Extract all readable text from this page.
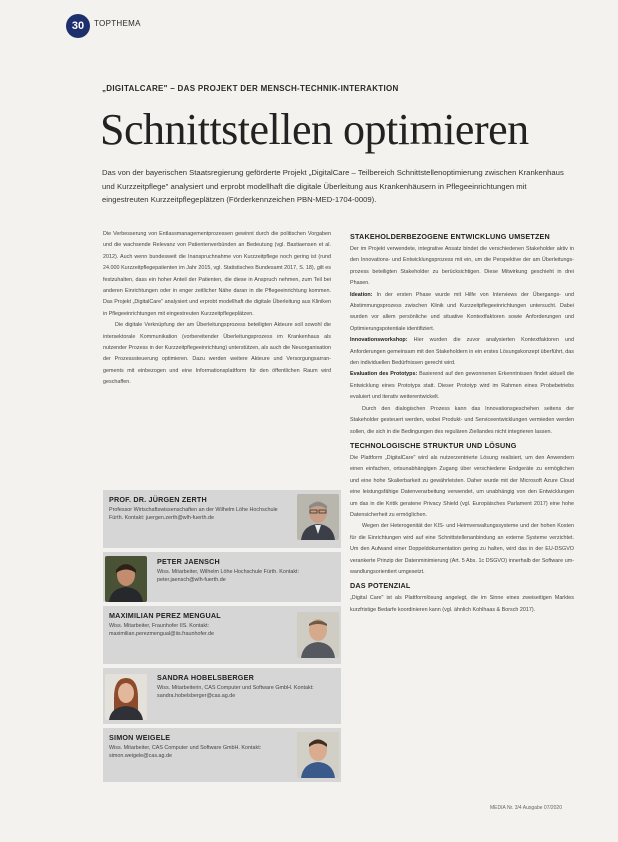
30	TOPTHEMA
„DIGITALCARE" – DAS PROJEKT DER MENSCH-TECHNIK-INTERAKTION
Schnittstellen optimieren

Das von der bayerischen Staatsregierung geförderte Projekt „DigitalCare – Teilbereich Schnittstellenoptimierung zwischen Krankenhaus und Kurzzeitpflege" analysiert und erprobt modellhaft die digitale Überleitung aus Krankenhäusern in Pflegeeinrichtungen mit eingestreuten Kurzzeitpflegeplätzen (Förderkennzeichen PBN-MED-1704-0009).

Die Verbesserung von Entlassmanagementprozessen gewinnt durch die politischen Vorgaben und die wachsende Relevanz von Patientenverbünden an Bedeutung (vgl. Bastiaensen et al. 2012). Auch wenn bundesweit die Inanspruchnahme von Kurzzeitpflege noch gering ist (rund 24.000 Kurzzeitpflegepatienten im Jahr 2015, vgl. Statistisches Bundesamt 2017, S. 18), gilt es festzuhalten, dass ein hoher Anteil der Patienten, die diese in Anspruch nehmen, zum Teil bei anderen Einrichtungen oder in enger zeitlicher Nähe daran in die Pflegeeinrichtung kommen. Das Projekt „DigitalCare" analysiert und erprobt modellhaft die digitale Überleitung aus Kliniken in Pflegeeinrichtungen mit eingestreuten Kurzzeitpflegeplätzen.

Die digitale Verknüpfung der am Überleitungsprozess beteiligten Akteure soll sowohl die intersektorale Kommunikation (vorbereitender Überleitungsprozess im Krankenhaus als nutzender Prozess in der Kurzzeitpflegeeinrichtung) unterstützen, als auch die Neuorganisation der Prozesssteuerung optimieren. Dazu werden weitere Akteure und Versorgungsarrangements mit einbezogen und eine Informationsplattform für den öffentlichen Raum wird geschaffen.

STAKEHOLDERBEZOGENE ENTWICKLUNG UMSETZEN

Der im Projekt verwendete, integrative Ansatz bindet die verschiedenen Stakeholder aktiv in den Innovations- und Entwicklungsprozess mit ein, um die Perspektive der am Überleitungsprozess beteiligten Stakeholder zu berücksichtigen. Diese Mitwirkung geschieht in drei Phasen.

Ideation: In der ersten Phase wurde mit Hilfe von Interviews der Übergangs- und Abstimmungsprozess zwischen Klinik und Kurzzeitpflegeeinrichtungen untersucht. Dabei wurden vor allem persönliche und situative Kontextfaktoren sowie Anforderungen und Optimierungspotentiale identifiziert.

Innovationsworkshop: Hier wurden die zuvor analysierten Kontextfaktoren und Anforderungen gemeinsam mit den Stakeholdern in ein erstes Lösungskonzept überführt, das den individuellen Bedürfnissen gerecht wird.

Evaluation des Prototyps: Basierend auf den gewonnenen Erkenntnissen findet aktuell die Entwicklung eines Prototyps statt. Dieser Prototyp wird im Rahmen eines Probebetriebs evaluiert und iterativ weiterentwickelt.

Durch den dialogischen Prozess kann das Innovationsgeschehen seitens der Stakeholder gesteuert werden, wobei Produkt- und Serviceentwicklungen vermieden werden sollen, die sich in die Bedingungen des regulären Ziellandes nicht integrieren lassen.

TECHNOLOGISCHE STRUKTUR UND LÖSUNG

Die Plattform „DigitalCare" wird als nutzerzentrierte Lösung realisiert, um den Anwendern einen einfachen, ortsunabhängigen Zugang über verschiedene Endgeräte zu ermöglichen und eine hohe Skalierbarkeit zu gewährleisten. Daher wurde mit der Microsoft Azure Cloud eine leistungsfähige Datenverarbeitung verwendet, um unabhängig von den Entwicklungen um das in die Kritik geratene Privacy Shield (vgl. Europäisches Parlament 2017) eine hohe Datensicherheit zu ermöglichen.

Wegen der Heterogenität der KIS- und Heimverwaltungssysteme und der hohen Kosten für die Einrichtungen wird auf eine Schnittstellenanbindung an externe Systeme verzichtet. Um den Aufwand einer Doppeldokumentation gering zu halten, wird das in der EU-DSGVO verankerte Prinzip der Datenminimierung (Art. 5 Abs. 1c DSGVO) innerhalb der Software umwandlungsorientiert umgesetzt.

DAS POTENZIAL

„Digital Care" ist als Plattformlösung angelegt, die im Sinne eines zweiseitigen Marktes kurzfristige Bedarfe koordinieren kann (vgl. ähnlich Kohlhaas & Borsch 2017).

PROF. DR. JÜRGEN ZERTH
Professor Wirtschaftswissenschaften an der Wilhelm Löhe Hochschule Fürth. Kontakt: juergen.zerth@wlh-fuerth.de
PETER JAENSCH
Wiss. Mitarbeiter, Wilhelm Löhe Hochschule Fürth. Kontakt: peter.jaensch@wlh-fuerth.de
MAXIMILIAN PEREZ MENGUAL
Wiss. Mitarbeiter, Fraunhofer IIS. Kontakt: maximilian.perezmengual@iis.fraunhofer.de
SANDRA HOBELSBERGER
Wiss. Mitarbeiterin, CAS Computer und Software GmbH. Kontakt: sandra.hobelsberger@cas.ag.de
SIMON WEIGELE
Wiss. Mitarbeiter, CAS Computer und Software GmbH. Kontakt: simon.weigele@cas.ag.de
MEDIA Nr. 3/4 Ausgabe 07/2020
